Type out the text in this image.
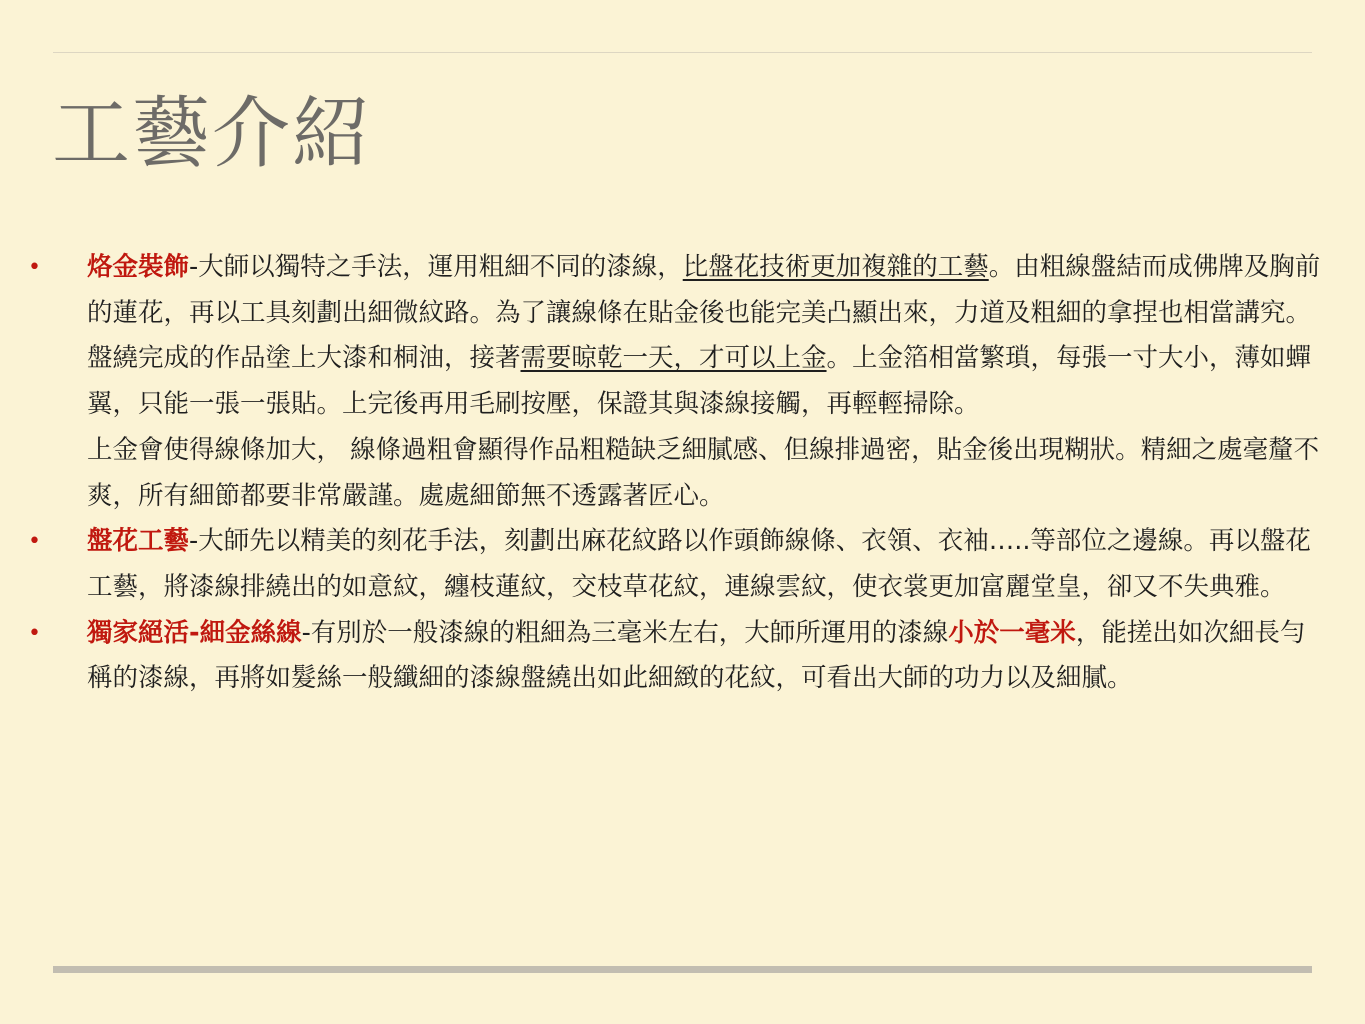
工藝介紹
•	烙金裝飾-大師以獨特之手法，運用粗細不同的漆線，比盤花技術更加複雜的工藝。由粗線盤結而成佛牌及胸前的蓮花，再以工具刻劃出細微紋路。為了讓線條在貼金後也能完美凸顯出來，力道及粗細的拿捏也相當講究。

盤繞完成的作品塗上大漆和桐油，接著需要晾乾一天，才可以上金。上金箔相當繁瑣，每張一寸大小，薄如蟬翼，只能一張一張貼。上完後再用毛刷按壓，保證其與漆線接觸，再輕輕掃除。

上金會使得線條加大， 線條過粗會顯得作品粗糙缺乏細膩感、但線排過密，貼金後出現糊狀。精細之處毫釐不爽，所有細節都要非常嚴謹。處處細節無不透露著匠心。

•	盤花工藝-大師先以精美的刻花手法，刻劃出麻花紋路以作頭飾線條、衣領、衣袖…..等部位之邊線。再以盤花工藝，將漆線排繞出的如意紋，纏枝蓮紋，交枝草花紋，連線雲紋，使衣裳更加富麗堂皇，卻又不失典雅。

•	獨家絕活-細金絲線-有別於一般漆線的粗細為三毫米左右，大師所運用的漆線小於一毫米，能搓出如次細長勻稱的漆線，再將如髮絲一般纖細的漆線盤繞出如此細緻的花紋，可看出大師的功力以及細膩。
